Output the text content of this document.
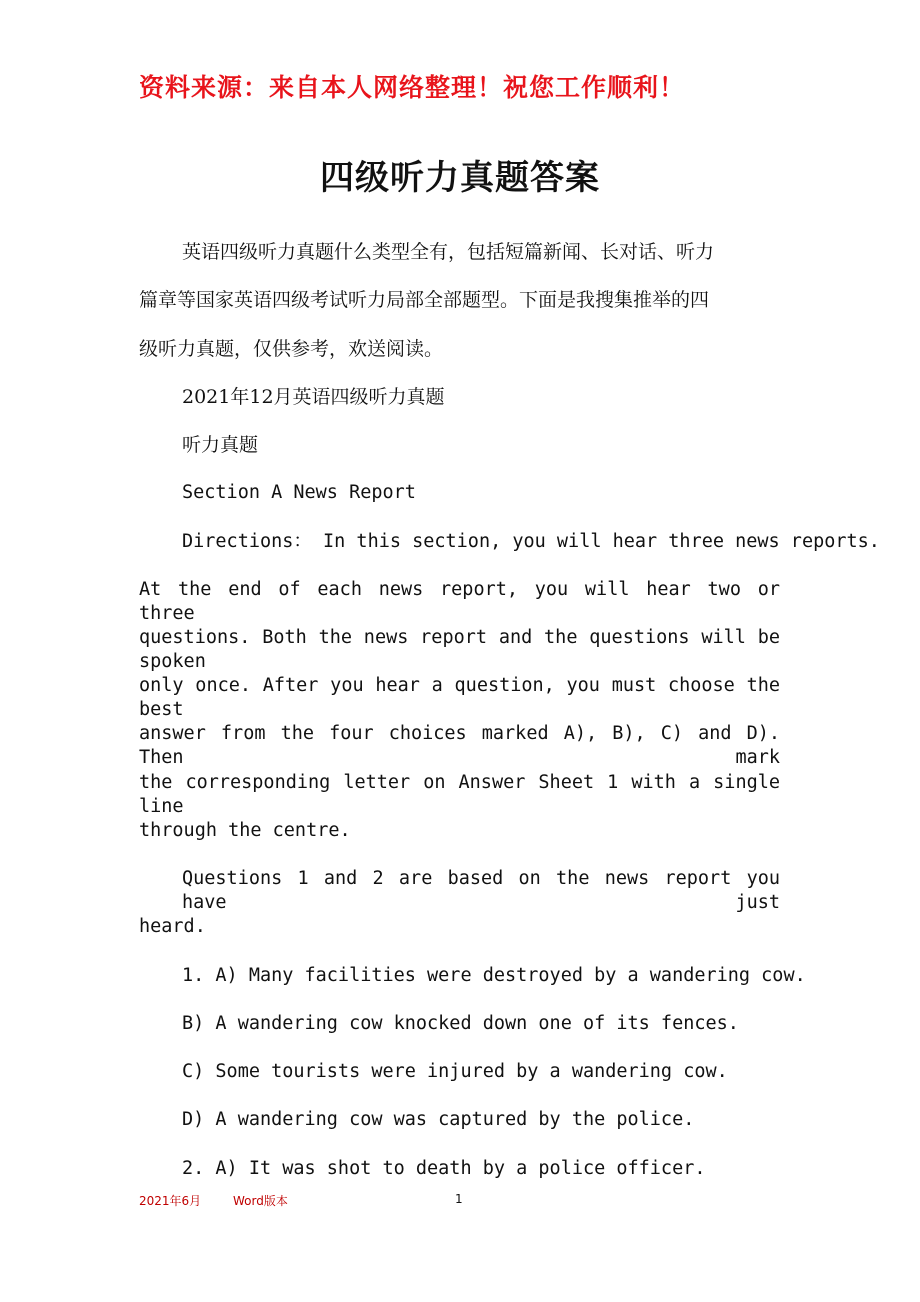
资料来源：来自本人网络整理！祝您工作顺利！
四级听力真题答案
英语四级听力真题什么类型全有，包括短篇新闻、长对话、听力
篇章等国家英语四级考试听力局部全部题型。下面是我搜集推举的四
级听力真题，仅供参考，欢送阅读。
2021年12月英语四级听力真题
听力真题
Section A News Report
Directions： In this section, you will hear three news reports.
At the end of each news report, you will hear two or three
questions. Both the news report and the questions will be spoken
only once. After you hear a question, you must choose the best
answer from the four choices marked A), B), C) and D). Then mark
the corresponding letter on Answer Sheet 1 with a single line
through the centre.
Questions 1 and 2 are based on the news report you have just
heard.
1. A) Many facilities were destroyed by a wandering cow.
B) A wandering cow knocked down one of its fences.
C) Some tourists were injured by a wandering cow.
D) A wandering cow was captured by the police.
2. A) It was shot to death by a police officer.
2021年6月	Word版本	1
